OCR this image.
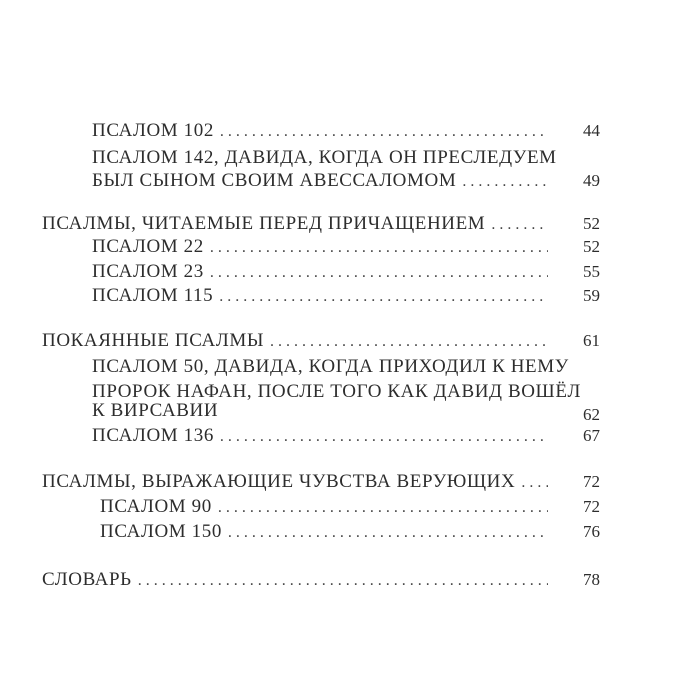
ПСАЛОМ 102 . . .	44
ПСАЛОМ 142, ДАВИДА, КОГДА ОН ПРЕСЛЕДУЕМ
БЫЛ СЫНОМ СВОИМ АВЕССАЛОМОМ . . .	49
ПСАЛМЫ, ЧИТАЕМЫЕ ПЕРЕД ПРИЧАЩЕНИЕМ . . .	52
ПСАЛОМ 22 . . .	52
ПСАЛОМ 23 . . .	55
ПСАЛОМ 115 . . .	59
ПОКАЯННЫЕ ПСАЛМЫ . . .	61
ПСАЛОМ 50, ДАВИДА, КОГДА ПРИХОДИЛ К НЕМУ
ПРОРОК НАФАН, ПОСЛЕ ТОГО КАК ДАВИД ВОШЁЛ
К ВИРСАВИИ	62
ПСАЛОМ 136 . . .	67
ПСАЛМЫ, ВЫРАЖАЮЩИЕ ЧУВСТВА ВЕРУЮЩИХ . . .	72
ПСАЛОМ 90 . . .	72
ПСАЛОМ 150 . . .	76
СЛОВАРЬ . . .	78
